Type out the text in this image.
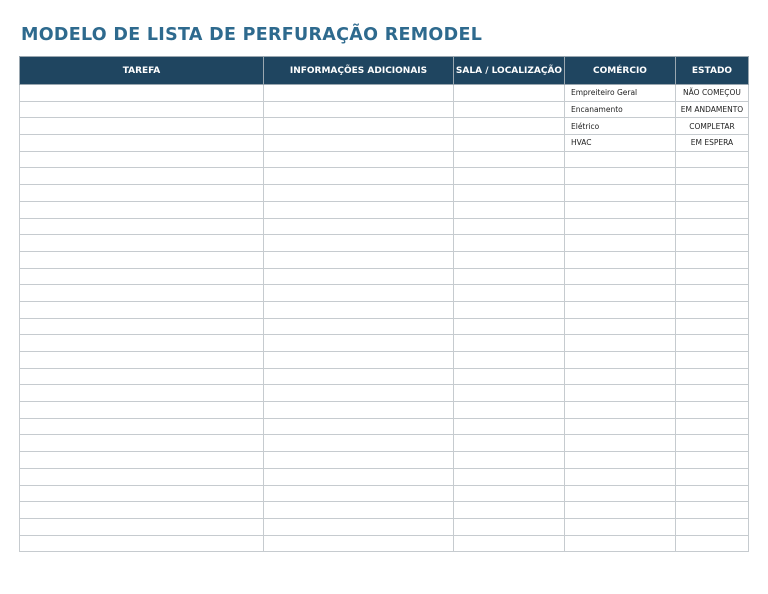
MODELO DE LISTA DE PERFURAÇÃO REMODEL
TAREFA	INFORMAÇÕES ADICIONAIS	SALA / LOCALIZAÇÃO	COMÉRCIO	ESTADO
			Empreiteiro Geral	NÃO COMEÇOU
			Encanamento	EM ANDAMENTO
			Elétrico	COMPLETAR
			HVAC	EM ESPERA
